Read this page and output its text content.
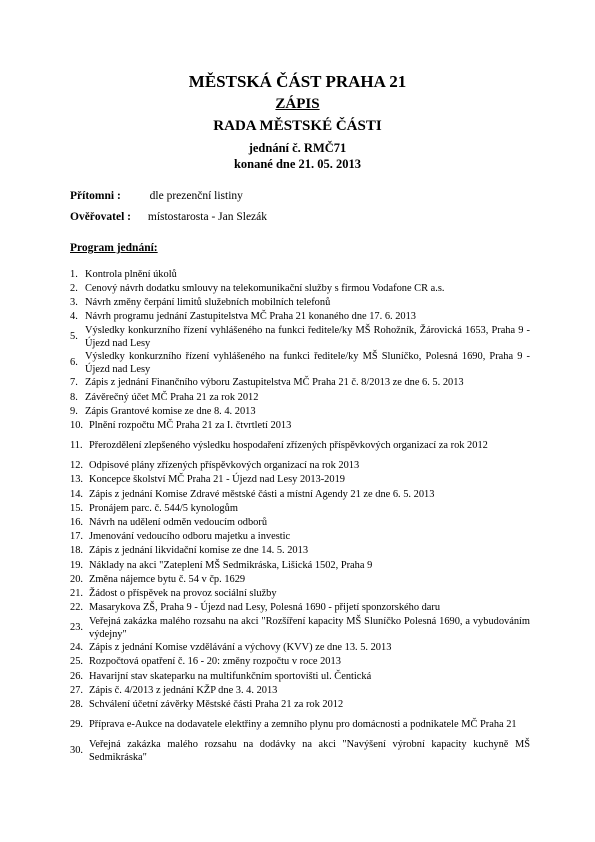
MĚSTSKÁ ČÁST PRAHA 21
ZÁPIS
RADA MĚSTSKÉ ČÁSTI
jednání č. RMČ71
konané dne 21. 05. 2013
Přítomni :	dle prezenční listiny
Ověřovatel : místostarosta - Jan Slezák
Program jednání:
1. Kontrola plnění úkolů
2. Cenový návrh dodatku smlouvy na telekomunikační služby s firmou Vodafone CR a.s.
3. Návrh změny čerpání limitů služebních mobilních telefonů
4. Návrh programu jednání Zastupitelstva MČ Praha 21 konaného dne 17. 6. 2013
5.
Výsledky konkurzního řízení vyhlášeného na funkci ředitele/ky MŠ Rohožník, Žárovická 1653, Praha 9 - Újezd nad Lesy
6.
Výsledky konkurzního řízení vyhlášeného na funkci ředitele/ky MŠ Sluníčko, Polesná 1690, Praha 9 - Újezd nad Lesy
7. Zápis z jednání Finančního výboru Zastupitelstva MČ Praha 21 č. 8/2013 ze dne 6. 5. 2013
8. Závěrečný účet MČ Praha 21 za rok 2012
9. Zápis Grantové komise ze dne 8. 4. 2013
10. Plnění rozpočtu MČ Praha 21 za I. čtvrtletí 2013
11. Přerozdělení zlepšeného výsledku hospodaření zřízených příspěvkových organizací za rok 2012
12. Odpisové plány zřízených příspěvkových organizací na rok 2013
13. Koncepce školství MČ Praha 21 - Újezd nad Lesy 2013-2019
14. Zápis z jednání Komise Zdravé městské části a místní Agendy 21 ze dne 6. 5. 2013
15. Pronájem parc. č. 544/5 kynologům
16. Návrh na udělení odměn vedoucím odborů
17. Jmenování vedoucího odboru majetku a investic
18. Zápis z jednání likvidační komise ze dne 14. 5. 2013
19. Náklady na akci "Zateplení MŠ Sedmikráska, Lišická 1502, Praha 9
20. Změna nájemce bytu č. 54 v čp. 1629
21. Žádost o příspěvek na provoz sociální služby
22. Masarykova ZŠ, Praha 9 - Újezd nad Lesy, Polesná 1690 - přijetí sponzorského daru
23.
Veřejná zakázka malého rozsahu na akci "Rozšíření kapacity MŠ Sluníčko Polesná 1690, a vybudováním výdejny"
24. Zápis z jednání Komise vzdělávání a výchovy (KVV) ze dne 13. 5. 2013
25. Rozpočtová opatření č. 16 - 20: změny rozpočtu v roce 2013
26. Havarijní stav skateparku na multifunkčním sportovišti ul. Čentická
27. Zápis č. 4/2013 z jednání KŽP dne 3. 4. 2013
28. Schválení účetní závěrky Městské části Praha 21 za rok 2012
29. Příprava e-Aukce na dodavatele elektřiny a zemního plynu pro domácnosti a podnikatele MČ Praha 21
30.
Veřejná zakázka malého rozsahu na dodávky na akci "Navýšení výrobní kapacity kuchyně MŠ Sedmikráska"
